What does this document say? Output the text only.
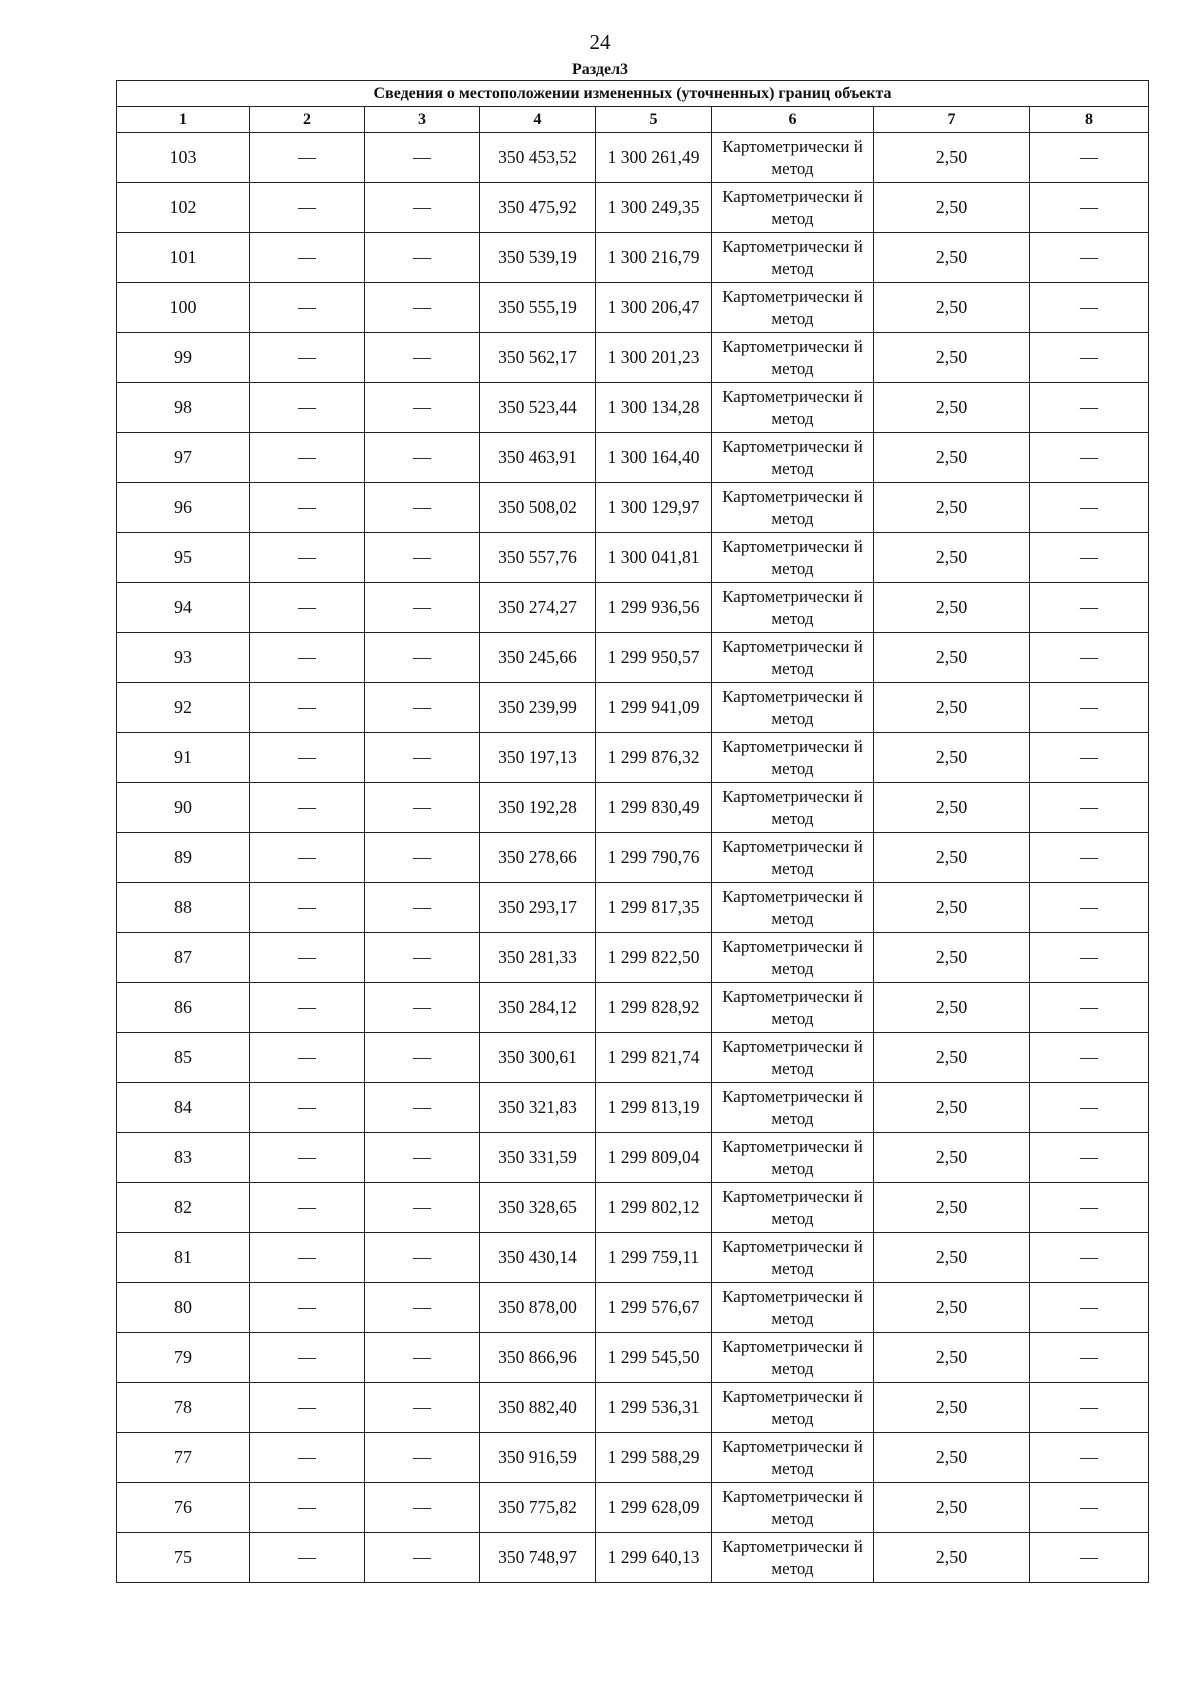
24
Раздел3
Сведения о местоположении измененных (уточненных) границ объекта							
1	2	3	4	5	6	7	8
103	—	—	350 453,52	1 300 261,49	Картометрически й метод	2,50	—
102	—	—	350 475,92	1 300 249,35	Картометрически й метод	2,50	—
101	—	—	350 539,19	1 300 216,79	Картометрически й метод	2,50	—
100	—	—	350 555,19	1 300 206,47	Картометрически й метод	2,50	—
99	—	—	350 562,17	1 300 201,23	Картометрически й метод	2,50	—
98	—	—	350 523,44	1 300 134,28	Картометрически й метод	2,50	—
97	—	—	350 463,91	1 300 164,40	Картометрически й метод	2,50	—
96	—	—	350 508,02	1 300 129,97	Картометрически й метод	2,50	—
95	—	—	350 557,76	1 300 041,81	Картометрически й метод	2,50	—
94	—	—	350 274,27	1 299 936,56	Картометрически й метод	2,50	—
93	—	—	350 245,66	1 299 950,57	Картометрически й метод	2,50	—
92	—	—	350 239,99	1 299 941,09	Картометрически й метод	2,50	—
91	—	—	350 197,13	1 299 876,32	Картометрически й метод	2,50	—
90	—	—	350 192,28	1 299 830,49	Картометрически й метод	2,50	—
89	—	—	350 278,66	1 299 790,76	Картометрически й метод	2,50	—
88	—	—	350 293,17	1 299 817,35	Картометрически й метод	2,50	—
87	—	—	350 281,33	1 299 822,50	Картометрически й метод	2,50	—
86	—	—	350 284,12	1 299 828,92	Картометрически й метод	2,50	—
85	—	—	350 300,61	1 299 821,74	Картометрически й метод	2,50	—
84	—	—	350 321,83	1 299 813,19	Картометрически й метод	2,50	—
83	—	—	350 331,59	1 299 809,04	Картометрически й метод	2,50	—
82	—	—	350 328,65	1 299 802,12	Картометрически й метод	2,50	—
81	—	—	350 430,14	1 299 759,11	Картометрически й метод	2,50	—
80	—	—	350 878,00	1 299 576,67	Картометрически й метод	2,50	—
79	—	—	350 866,96	1 299 545,50	Картометрически й метод	2,50	—
78	—	—	350 882,40	1 299 536,31	Картометрически й метод	2,50	—
77	—	—	350 916,59	1 299 588,29	Картометрически й метод	2,50	—
76	—	—	350 775,82	1 299 628,09	Картометрически й метод	2,50	—
75	—	—	350 748,97	1 299 640,13	Картометрически й метод	2,50	—
